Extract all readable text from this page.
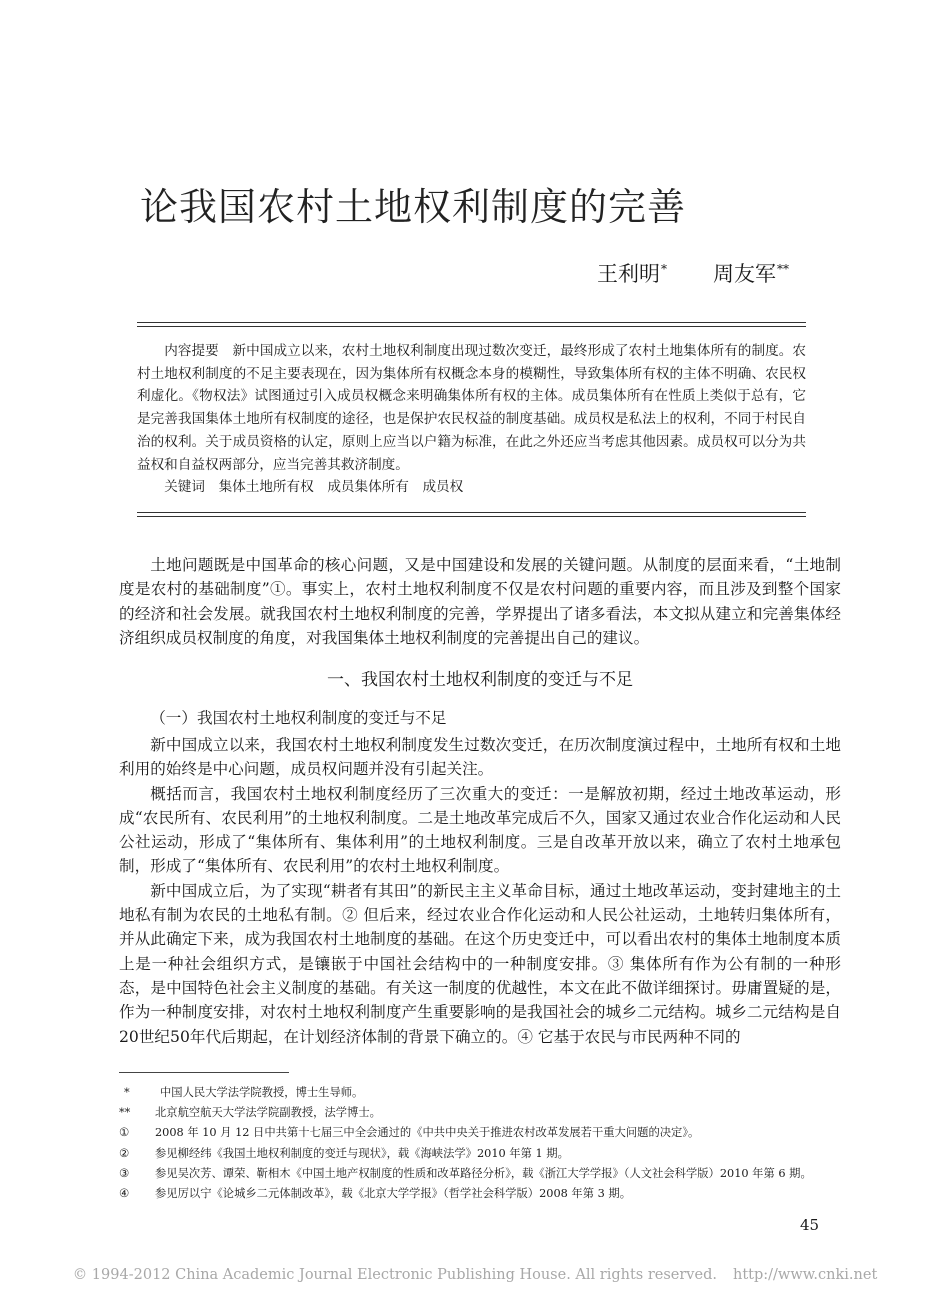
论我国农村土地权利制度的完善
王利明* 周友军**

内容提要　 新中国成立以来，农村土地权利制度出现过数次变迁，最终形成了农村土地集体所有的制度。农村土地权利制度的不足主要表现在，因为集体所有权概念本身的模糊性，导致集体所有权的主体不明确、农民权利虚化。《物权法》试图通过引入成员权概念来明确集体所有权的主体。成员集体所有在性质上类似于总有，它是完善我国集体土地所有权制度的途径，也是保护农民权益的制度基础。成员权是私法上的权利，不同于村民自治的权利。关于成员资格的认定，原则上应当以户籍为标准，在此之外还应当考虑其他因素。成员权可以分为共益权和自益权两部分，应当完善其救济制度。

关键词　 集体土地所有权　 成员集体所有　 成员权

土地问题既是中国革命的核心问题，又是中国建设和发展的关键问题。从制度的层面来看，“土地制度是农村的基础制度”①。事实上，农村土地权利制度不仅是农村问题的重要内容，而且涉及到整个国家的经济和社会发展。就我国农村土地权利制度的完善，学界提出了诸多看法，本文拟从建立和完善集体经济组织成员权制度的角度，对我国集体土地权利制度的完善提出自己的建议。

一、我国农村土地权利制度的变迁与不足
（一）我国农村土地权利制度的变迁与不足

新中国成立以来，我国农村土地权利制度发生过数次变迁，在历次制度演过程中，土地所有权和土地利用的始终是中心问题，成员权问题并没有引起关注。

概括而言，我国农村土地权利制度经历了三次重大的变迁：一是解放初期，经过土地改革运动，形成“农民所有、农民利用”的土地权利制度。二是土地改革完成后不久，国家又通过农业合作化运动和人民公社运动，形成了“集体所有、集体利用”的土地权利制度。三是自改革开放以来，确立了农村土地承包制，形成了“集体所有、农民利用”的农村土地权利制度。

新中国成立后，为了实现“耕者有其田”的新民主主义革命目标，通过土地改革运动，变封建地主的土地私有制为农民的土地私有制。② 但后来，经过农业合作化运动和人民公社运动，土地转归集体所有，并从此确定下来，成为我国农村土地制度的基础。在这个历史变迁中，可以看出农村的集体土地制度本质上是一种社会组织方式，是镶嵌于中国社会结构中的一种制度安排。③ 集体所有作为公有制的一种形态，是中国特色社会主义制度的基础。有关这一制度的优越性，本文在此不做详细探讨。毋庸置疑的是，作为一种制度安排，对农村土地权利制度产生重要影响的是我国社会的城乡二元结构。城乡二元结构是自20世纪50年代后期起，在计划经济体制的背景下确立的。④ 它基于农民与市民两种不同的

*	中国人民大学法学院教授，博士生导师。
**	北京航空航天大学法学院副教授，法学博士。
①	2008 年 10 月 12 日中共第十七届三中全会通过的《中共中央关于推进农村改革发展若干重大问题的决定》。
②	参见柳经纬《我国土地权利制度的变迁与现状》，载《海峡法学》2010 年第 1 期。
③	参见吴次芳、谭荣、靳相木《中国土地产权制度的性质和改革路径分析》，载《浙江大学学报》（人文社会科学版）2010 年第 6 期。
④	参见厉以宁《论城乡二元体制改革》，载《北京大学学报》（哲学社会科学版）2008 年第 3 期。
45
© 1994-2012 China Academic Journal Electronic Publishing House. All rights reserved. http://www.cnki.net
